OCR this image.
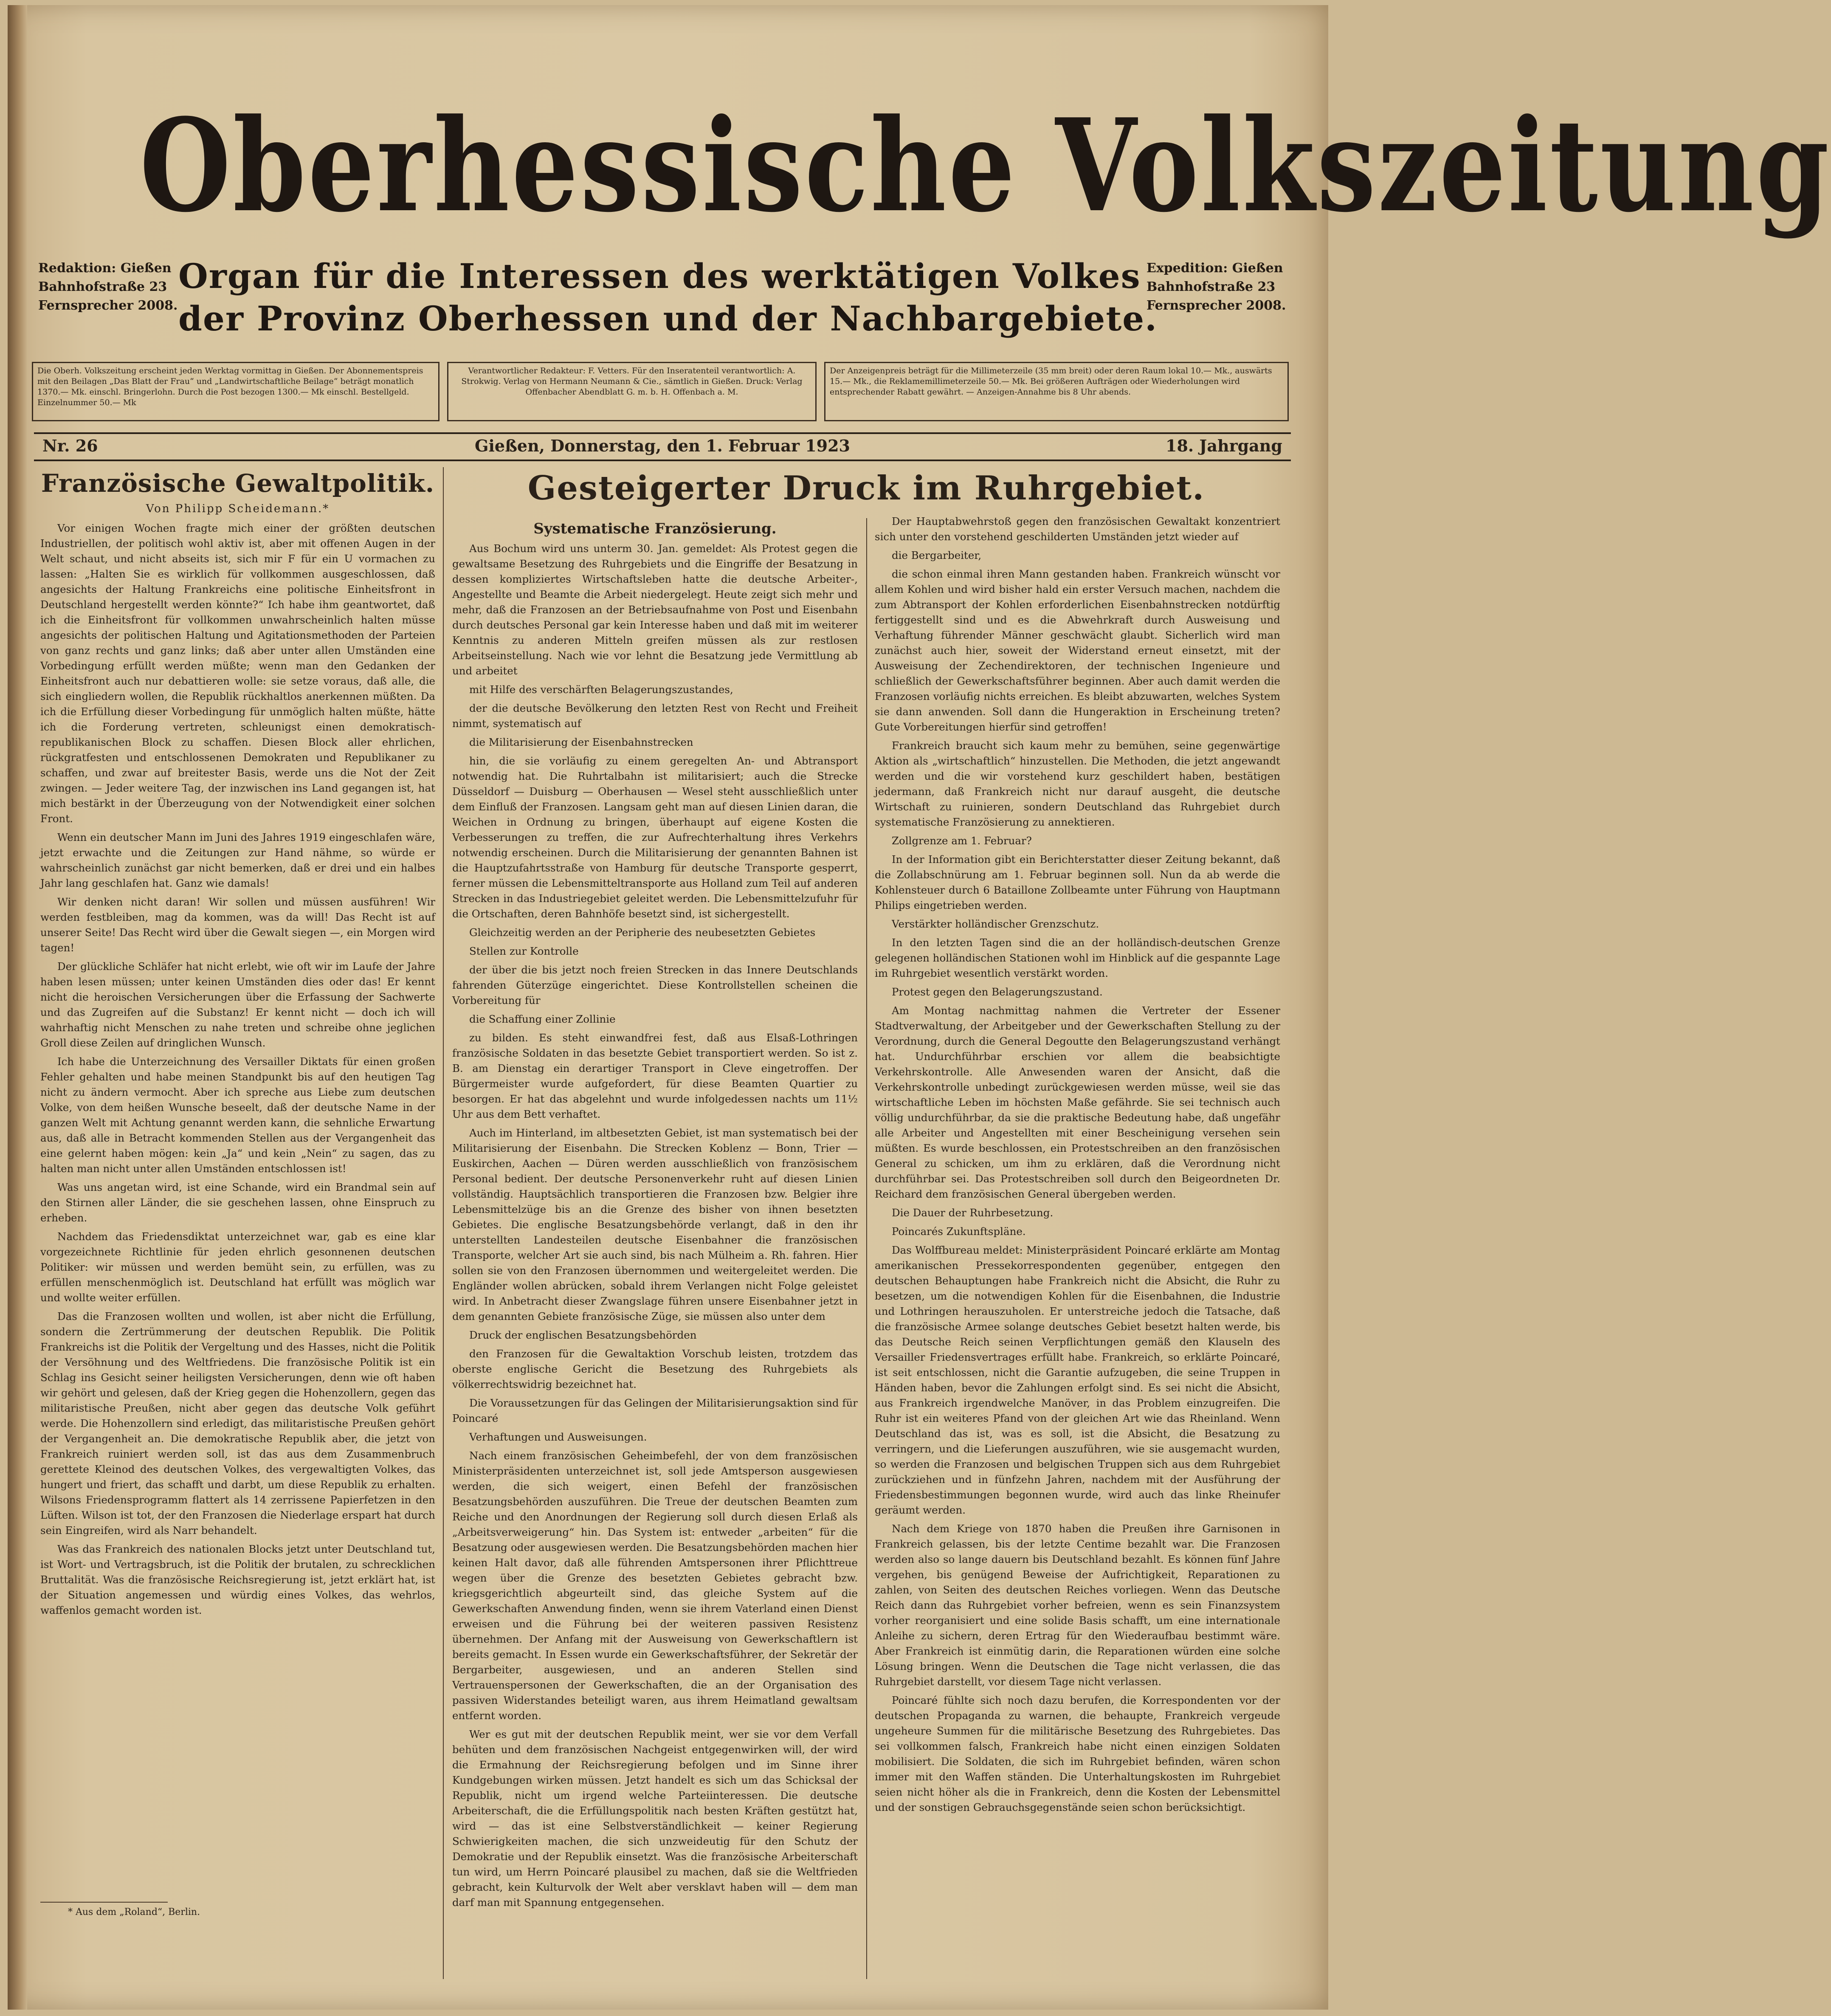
Oberhessische Volkszeitung
Redaktion: Gießen
Bahnhofstraße 23
Fernsprecher 2008.
Organ für die Interessen des werktätigen Volkes
der Provinz Oberhessen und der Nachbargebiete.
Expedition: Gießen
Bahnhofstraße 23
Fernsprecher 2008.
Die Oberh. Volkszeitung erscheint jeden Werktag vormittag in Gießen. Der Abonnementspreis mit den Beilagen „Das Blatt der Frau“ und „Landwirtschaftliche Beilage“ beträgt monatlich 1370.— Mk. einschl. Bringerlohn. Durch die Post bezogen 1300.— Mk einschl. Bestellgeld. Einzelnummer 50.— Mk
Verantwortlicher Redakteur: F. Vetters. Für den Inseratenteil verantwortlich: A. Strokwig. Verlag von Hermann Neumann & Cie., sämtlich in Gießen. Druck: Verlag Offenbacher Abendblatt G. m. b. H. Offenbach a. M.
Der Anzeigenpreis beträgt für die Millimeterzeile (35 mm breit) oder deren Raum lokal 10.— Mk., auswärts 15.— Mk., die Reklamemillimeterzeile 50.— Mk. Bei größeren Aufträgen oder Wiederholungen wird entsprechender Rabatt gewährt. — Anzeigen-Annahme bis 8 Uhr abends.
Gießen, Donnerstag, den 1. Februar 1923
Nr. 26	18. Jahrgang
Französische Gewaltpolitik.
Von Philipp Scheidemann.*

Vor einigen Wochen fragte mich einer der größten deutschen Industriellen, der politisch wohl aktiv ist, aber mit offenen Augen in der Welt schaut, und nicht abseits ist, sich mir F für ein U vormachen zu lassen: „Halten Sie es wirklich für vollkommen ausgeschlossen, daß angesichts der Haltung Frankreichs eine politische Einheitsfront in Deutschland hergestellt werden könnte?“ Ich habe ihm geantwortet, daß ich die Einheitsfront für vollkommen unwahrscheinlich halten müsse angesichts der politischen Haltung und Agitationsmethoden der Parteien von ganz rechts und ganz links; daß aber unter allen Umständen eine Vorbedingung erfüllt werden müßte; wenn man den Gedanken der Einheitsfront auch nur debattieren wolle: sie setze voraus, daß alle, die sich eingliedern wollen, die Republik rückhaltlos anerkennen müßten. Da ich die Erfüllung dieser Vorbedingung für unmöglich halten müßte, hätte ich die Forderung vertreten, schleunigst einen demokratisch-republikanischen Block zu schaffen. Diesen Block aller ehrlichen, rückgratfesten und entschlossenen Demokraten und Republikaner zu schaffen, und zwar auf breitester Basis, werde uns die Not der Zeit zwingen. — Jeder weitere Tag, der inzwischen ins Land gegangen ist, hat mich bestärkt in der Überzeugung von der Notwendigkeit einer solchen Front.

Wenn ein deutscher Mann im Juni des Jahres 1919 eingeschlafen wäre, jetzt erwachte und die Zeitungen zur Hand nähme, so würde er wahrscheinlich zunächst gar nicht bemerken, daß er drei und ein halbes Jahr lang geschlafen hat. Ganz wie damals!

Wir denken nicht daran! Wir sollen und müssen ausführen! Wir werden festbleiben, mag da kommen, was da will! Das Recht ist auf unserer Seite! Das Recht wird über die Gewalt siegen —, ein Morgen wird tagen!

Der glückliche Schläfer hat nicht erlebt, wie oft wir im Laufe der Jahre haben lesen müssen; unter keinen Umständen dies oder das! Er kennt nicht die heroischen Versicherungen über die Erfassung der Sachwerte und das Zugreifen auf die Substanz! Er kennt nicht — doch ich will wahrhaftig nicht Menschen zu nahe treten und schreibe ohne jeglichen Groll diese Zeilen auf dringlichen Wunsch.

Ich habe die Unterzeichnung des Versailler Diktats für einen großen Fehler gehalten und habe meinen Standpunkt bis auf den heutigen Tag nicht zu ändern vermocht. Aber ich spreche aus Liebe zum deutschen Volke, von dem heißen Wunsche beseelt, daß der deutsche Name in der ganzen Welt mit Achtung genannt werden kann, die sehnliche Erwartung aus, daß alle in Betracht kommenden Stellen aus der Vergangenheit das eine gelernt haben mögen: kein „Ja“ und kein „Nein“ zu sagen, das zu halten man nicht unter allen Umständen entschlossen ist!

Was uns angetan wird, ist eine Schande, wird ein Brandmal sein auf den Stirnen aller Länder, die sie geschehen lassen, ohne Einspruch zu erheben.

Nachdem das Friedensdiktat unterzeichnet war, gab es eine klar vorgezeichnete Richtlinie für jeden ehrlich gesonnenen deutschen Politiker: wir müssen und werden bemüht sein, zu erfüllen, was zu erfüllen menschenmöglich ist. Deutschland hat erfüllt was möglich war und wollte weiter erfüllen.

Das die Franzosen wollten und wollen, ist aber nicht die Erfüllung, sondern die Zertrümmerung der deutschen Republik. Die Politik Frankreichs ist die Politik der Vergeltung und des Hasses, nicht die Politik der Versöhnung und des Weltfriedens. Die französische Politik ist ein Schlag ins Gesicht seiner heiligsten Versicherungen, denn wie oft haben wir gehört und gelesen, daß der Krieg gegen die Hohenzollern, gegen das militaristische Preußen, nicht aber gegen das deutsche Volk geführt werde. Die Hohenzollern sind erledigt, das militaristische Preußen gehört der Vergangenheit an. Die demokratische Republik aber, die jetzt von Frankreich ruiniert werden soll, ist das aus dem Zusammenbruch gerettete Kleinod des deutschen Volkes, des vergewaltigten Volkes, das hungert und friert, das schafft und darbt, um diese Republik zu erhalten. Wilsons Friedensprogramm flattert als 14 zerrissene Papierfetzen in den Lüften. Wilson ist tot, der den Franzosen die Niederlage erspart hat durch sein Eingreifen, wird als Narr behandelt.

Was das Frankreich des nationalen Blocks jetzt unter Deutschland tut, ist Wort- und Vertragsbruch, ist die Politik der brutalen, zu schrecklichen Bruttalität. Was die französische Reichsregierung ist, jetzt erklärt hat, ist der Situation angemessen und würdig eines Volkes, das wehrlos, waffenlos gemacht worden ist.

* Aus dem „Roland“, Berlin.
Gesteigerter Druck im Ruhrgebiet.
Systematische Französierung.

Aus Bochum wird uns unterm 30. Jan. gemeldet: Als Protest gegen die gewaltsame Besetzung des Ruhrgebiets und die Eingriffe der Besatzung in dessen kompliziertes Wirtschaftsleben hatte die deutsche Arbeiter-, Angestellte und Beamte die Arbeit niedergelegt. Heute zeigt sich mehr und mehr, daß die Franzosen an der Betriebsaufnahme von Post und Eisenbahn durch deutsches Personal gar kein Interesse haben und daß mit im weiterer Kenntnis zu anderen Mitteln greifen müssen als zur restlosen Arbeitseinstellung. Nach wie vor lehnt die Besatzung jede Vermittlung ab und arbeitet

mit Hilfe des verschärften Belagerungszustandes,

der die deutsche Bevölkerung den letzten Rest von Recht und Freiheit nimmt, systematisch auf

die Militarisierung der Eisenbahnstrecken

hin, die sie vorläufig zu einem geregelten An- und Abtransport notwendig hat. Die Ruhrtalbahn ist militarisiert; auch die Strecke Düsseldorf — Duisburg — Oberhausen — Wesel steht ausschließlich unter dem Einfluß der Franzosen. Langsam geht man auf diesen Linien daran, die Weichen in Ordnung zu bringen, überhaupt auf eigene Kosten die Verbesserungen zu treffen, die zur Aufrechterhaltung ihres Verkehrs notwendig erscheinen. Durch die Militarisierung der genannten Bahnen ist die Hauptzufahrtsstraße von Hamburg für deutsche Transporte gesperrt, ferner müssen die Lebensmitteltransporte aus Holland zum Teil auf anderen Strecken in das Industriegebiet geleitet werden. Die Lebensmittelzufuhr für die Ortschaften, deren Bahnhöfe besetzt sind, ist sichergestellt.

Gleichzeitig werden an der Peripherie des neubesetzten Gebietes

Stellen zur Kontrolle

der über die bis jetzt noch freien Strecken in das Innere Deutschlands fahrenden Güterzüge eingerichtet. Diese Kontrollstellen scheinen die Vorbereitung für

die Schaffung einer Zollinie

zu bilden. Es steht einwandfrei fest, daß aus Elsaß-Lothringen französische Soldaten in das besetzte Gebiet transportiert werden. So ist z. B. am Dienstag ein derartiger Transport in Cleve eingetroffen. Der Bürgermeister wurde aufgefordert, für diese Beamten Quartier zu besorgen. Er hat das abgelehnt und wurde infolgedessen nachts um 11½ Uhr aus dem Bett verhaftet.

Auch im Hinterland, im altbesetzten Gebiet, ist man systematisch bei der Militarisierung der Eisenbahn. Die Strecken Koblenz — Bonn, Trier — Euskirchen, Aachen — Düren werden ausschließlich von französischem Personal bedient. Der deutsche Personenverkehr ruht auf diesen Linien vollständig. Hauptsächlich transportieren die Franzosen bzw. Belgier ihre Lebensmittelzüge bis an die Grenze des bisher von ihnen besetzten Gebietes. Die englische Besatzungsbehörde verlangt, daß in den ihr unterstellten Landesteilen deutsche Eisenbahner die französischen Transporte, welcher Art sie auch sind, bis nach Mülheim a. Rh. fahren. Hier sollen sie von den Franzosen übernommen und weitergeleitet werden. Die Engländer wollen abrücken, sobald ihrem Verlangen nicht Folge geleistet wird. In Anbetracht dieser Zwangslage führen unsere Eisenbahner jetzt in dem genannten Gebiete französische Züge, sie müssen also unter dem

Druck der englischen Besatzungsbehörden

den Franzosen für die Gewaltaktion Vorschub leisten, trotzdem das oberste englische Gericht die Besetzung des Ruhrgebiets als völkerrechtswidrig bezeichnet hat.

Die Voraussetzungen für das Gelingen der Militarisierungsaktion sind für Poincaré

Verhaftungen und Ausweisungen.

Nach einem französischen Geheimbefehl, der von dem französischen Ministerpräsidenten unterzeichnet ist, soll jede Amtsperson ausgewiesen werden, die sich weigert, einen Befehl der französischen Besatzungsbehörden auszuführen. Die Treue der deutschen Beamten zum Reiche und den Anordnungen der Regierung soll durch diesen Erlaß als „Arbeitsverweigerung“ hin. Das System ist: entweder „arbeiten“ für die Besatzung oder ausgewiesen werden. Die Besatzungsbehörden machen hier keinen Halt davor, daß alle führenden Amtspersonen ihrer Pflichttreue wegen über die Grenze des besetzten Gebietes gebracht bzw. kriegsgerichtlich abgeurteilt sind, das gleiche System auf die Gewerkschaften Anwendung finden, wenn sie ihrem Vaterland einen Dienst erweisen und die Führung bei der weiteren passiven Resistenz übernehmen. Der Anfang mit der Ausweisung von Gewerkschaftlern ist bereits gemacht. In Essen wurde ein Gewerkschaftsführer, der Sekretär der Bergarbeiter, ausgewiesen, und an anderen Stellen sind Vertrauenspersonen der Gewerkschaften, die an der Organisation des passiven Widerstandes beteiligt waren, aus ihrem Heimatland gewaltsam entfernt worden.

Wer es gut mit der deutschen Republik meint, wer sie vor dem Verfall behüten und dem französischen Nachgeist entgegenwirken will, der wird die Ermahnung der Reichsregierung befolgen und im Sinne ihrer Kundgebungen wirken müssen. Jetzt handelt es sich um das Schicksal der Republik, nicht um irgend welche Parteiinteressen. Die deutsche Arbeiterschaft, die die Erfüllungspolitik nach besten Kräften gestützt hat, wird — das ist eine Selbstverständlichkeit — keiner Regierung Schwierigkeiten machen, die sich unzweideutig für den Schutz der Demokratie und der Republik einsetzt. Was die französische Arbeiterschaft tun wird, um Herrn Poincaré plausibel zu machen, daß sie die Weltfrieden gebracht, kein Kulturvolk der Welt aber versklavt haben will — dem man darf man mit Spannung entgegensehen.

Der Hauptabwehrstoß gegen den französischen Gewaltakt konzentriert sich unter den vorstehend geschilderten Umständen jetzt wieder auf

die Bergarbeiter,

die schon einmal ihren Mann gestanden haben. Frankreich wünscht vor allem Kohlen und wird bisher hald ein erster Versuch machen, nachdem die zum Abtransport der Kohlen erforderlichen Eisenbahnstrecken notdürftig fertiggestellt sind und es die Abwehrkraft durch Ausweisung und Verhaftung führender Männer geschwächt glaubt. Sicherlich wird man zunächst auch hier, soweit der Widerstand erneut einsetzt, mit der Ausweisung der Zechendirektoren, der technischen Ingenieure und schließlich der Gewerkschaftsführer beginnen. Aber auch damit werden die Franzosen vorläufig nichts erreichen. Es bleibt abzuwarten, welches System sie dann anwenden. Soll dann die Hungeraktion in Erscheinung treten? Gute Vorbereitungen hierfür sind getroffen!

Frankreich braucht sich kaum mehr zu bemühen, seine gegenwärtige Aktion als „wirtschaftlich“ hinzustellen. Die Methoden, die jetzt angewandt werden und die wir vorstehend kurz geschildert haben, bestätigen jedermann, daß Frankreich nicht nur darauf ausgeht, die deutsche Wirtschaft zu ruinieren, sondern Deutschland das Ruhrgebiet durch systematische Französierung zu annektieren.

Zollgrenze am 1. Februar?

In der Information gibt ein Berichterstatter dieser Zeitung bekannt, daß die Zollabschnürung am 1. Februar beginnen soll. Nun da ab werde die Kohlensteuer durch 6 Bataillone Zollbeamte unter Führung von Hauptmann Philips eingetrieben werden.

Verstärkter holländischer Grenzschutz.

In den letzten Tagen sind die an der holländisch-deutschen Grenze gelegenen holländischen Stationen wohl im Hinblick auf die gespannte Lage im Ruhrgebiet wesentlich verstärkt worden.

Protest gegen den Belagerungszustand.

Am Montag nachmittag nahmen die Vertreter der Essener Stadtverwaltung, der Arbeitgeber und der Gewerkschaften Stellung zu der Verordnung, durch die General Degoutte den Belagerungszustand verhängt hat. Undurchführbar erschien vor allem die beabsichtigte Verkehrskontrolle. Alle Anwesenden waren der Ansicht, daß die Verkehrskontrolle unbedingt zurückgewiesen werden müsse, weil sie das wirtschaftliche Leben im höchsten Maße gefährde. Sie sei technisch auch völlig undurchführbar, da sie die praktische Bedeutung habe, daß ungefähr alle Arbeiter und Angestellten mit einer Bescheinigung versehen sein müßten. Es wurde beschlossen, ein Protestschreiben an den französischen General zu schicken, um ihm zu erklären, daß die Verordnung nicht durchführbar sei. Das Protestschreiben soll durch den Beigeordneten Dr. Reichard dem französischen General übergeben werden.

Die Dauer der Ruhrbesetzung.

Poincarés Zukunftspläne.

Das Wolffbureau meldet: Ministerpräsident Poincaré erklärte am Montag amerikanischen Pressekorrespondenten gegenüber, entgegen den deutschen Behauptungen habe Frankreich nicht die Absicht, die Ruhr zu besetzen, um die notwendigen Kohlen für die Eisenbahnen, die Industrie und Lothringen herauszuholen. Er unterstreiche jedoch die Tatsache, daß die französische Armee solange deutsches Gebiet besetzt halten werde, bis das Deutsche Reich seinen Verpflichtungen gemäß den Klauseln des Versailler Friedensvertrages erfüllt habe. Frankreich, so erklärte Poincaré, ist seit entschlossen, nicht die Garantie aufzugeben, die seine Truppen in Händen haben, bevor die Zahlungen erfolgt sind. Es sei nicht die Absicht, aus Frankreich irgendwelche Manöver, in das Problem einzugreifen. Die Ruhr ist ein weiteres Pfand von der gleichen Art wie das Rheinland. Wenn Deutschland das ist, was es soll, ist die Absicht, die Besatzung zu verringern, und die Lieferungen auszuführen, wie sie ausgemacht wurden, so werden die Franzosen und belgischen Truppen sich aus dem Ruhrgebiet zurückziehen und in fünfzehn Jahren, nachdem mit der Ausführung der Friedensbestimmungen begonnen wurde, wird auch das linke Rheinufer geräumt werden.

Nach dem Kriege von 1870 haben die Preußen ihre Garnisonen in Frankreich gelassen, bis der letzte Centime bezahlt war. Die Franzosen werden also so lange dauern bis Deutschland bezahlt. Es können fünf Jahre vergehen, bis genügend Beweise der Aufrichtigkeit, Reparationen zu zahlen, von Seiten des deutschen Reiches vorliegen. Wenn das Deutsche Reich dann das Ruhrgebiet vorher befreien, wenn es sein Finanzsystem vorher reorganisiert und eine solide Basis schafft, um eine internationale Anleihe zu sichern, deren Ertrag für den Wiederaufbau bestimmt wäre. Aber Frankreich ist einmütig darin, die Reparationen würden eine solche Lösung bringen. Wenn die Deutschen die Tage nicht verlassen, die das Ruhrgebiet darstellt, vor diesem Tage nicht verlassen.

Poincaré fühlte sich noch dazu berufen, die Korrespondenten vor der deutschen Propaganda zu warnen, die behaupte, Frankreich vergeude ungeheure Summen für die militärische Besetzung des Ruhrgebietes. Das sei vollkommen falsch, Frankreich habe nicht einen einzigen Soldaten mobilisiert. Die Soldaten, die sich im Ruhrgebiet befinden, wären schon immer mit den Waffen ständen. Die Unterhaltungskosten im Ruhrgebiet seien nicht höher als die in Frankreich, denn die Kosten der Lebensmittel und der sonstigen Gebrauchsgegenstände seien schon berücksichtigt.
